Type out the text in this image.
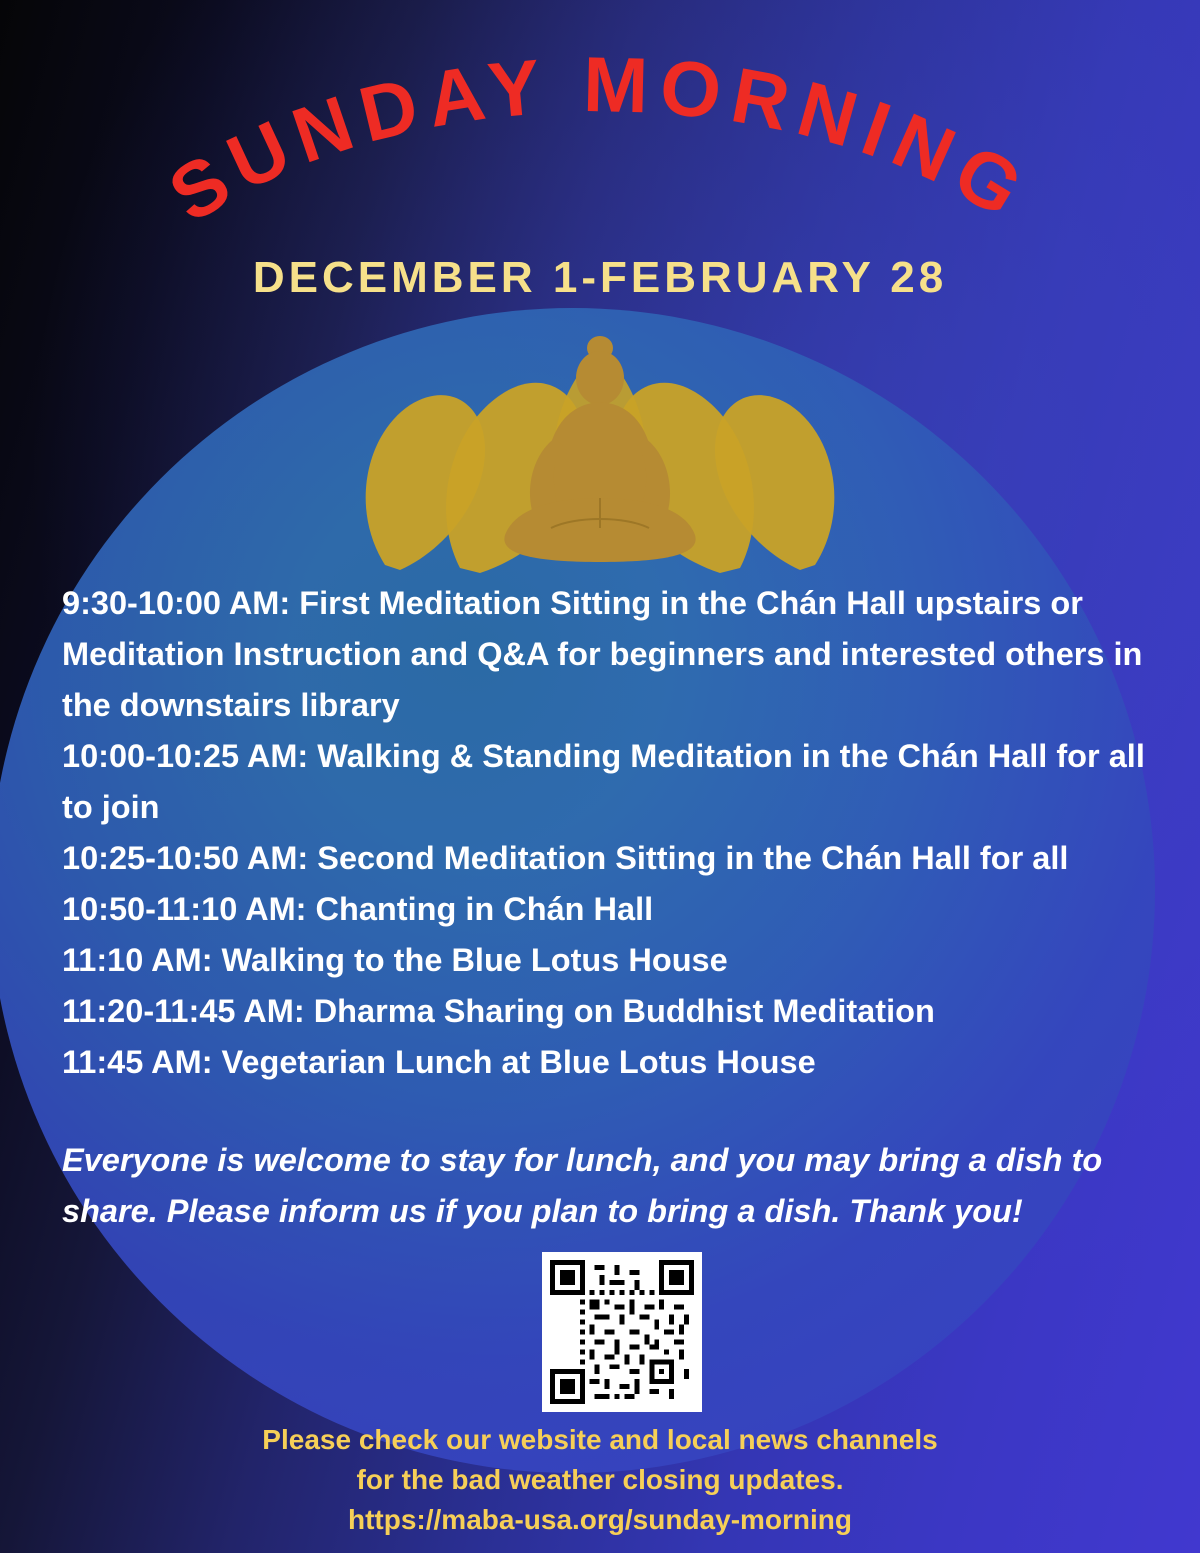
SUNDAY MORNING
DECEMBER 1-FEBRUARY 28
9:30-10:00 AM: First Meditation Sitting in the Chán Hall upstairs or Meditation Instruction and Q&A for beginners and interested others in the downstairs library
10:00-10:25 AM: Walking & Standing Meditation in the Chán Hall for all to join
10:25-10:50 AM: Second Meditation Sitting in the Chán Hall for all
10:50-11:10 AM: Chanting in Chán Hall
11:10 AM: Walking to the Blue Lotus House
11:20-11:45 AM: Dharma Sharing on Buddhist Meditation
11:45 AM: Vegetarian Lunch at Blue Lotus House
Everyone is welcome to stay for lunch, and you may bring a dish to share. Please inform us if you plan to bring a dish. Thank you!
Please check our website and local news channels
for the bad weather closing updates.
https://maba-usa.org/sunday-morning
